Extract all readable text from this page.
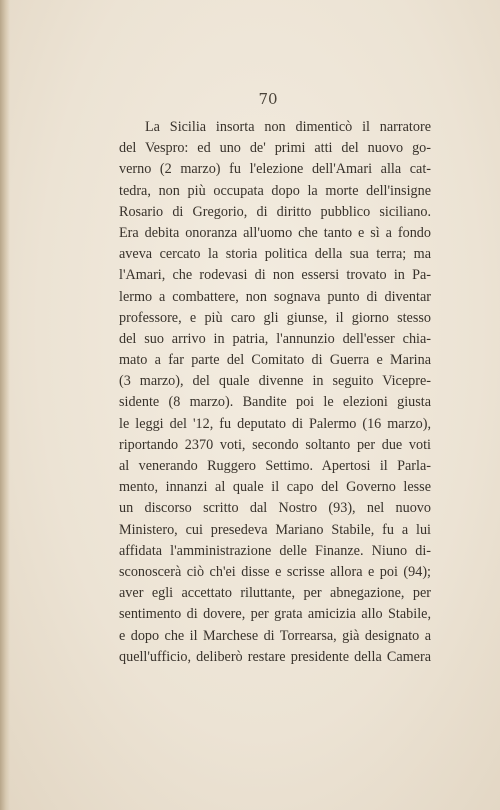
70
La Sicilia insorta non dimenticò il narratore
del Vespro: ed uno de' primi atti del nuovo go-
verno (2 marzo) fu l'elezione dell'Amari alla cat-
tedra, non più occupata dopo la morte dell'insigne
Rosario di Gregorio, di diritto pubblico siciliano.
Era debita onoranza all'uomo che tanto e sì a fondo
aveva cercato la storia politica della sua terra; ma
l'Amari, che rodevasi di non essersi trovato in Pa-
lermo a combattere, non sognava punto di diventar
professore, e più caro gli giunse, il giorno stesso
del suo arrivo in patria, l'annunzio dell'esser chia-
mato a far parte del Comitato di Guerra e Marina
(3 marzo), del quale divenne in seguito Vicepre-
sidente (8 marzo). Bandite poi le elezioni giusta
le leggi del '12, fu deputato di Palermo (16 marzo),
riportando 2370 voti, secondo soltanto per due voti
al venerando Ruggero Settimo. Apertosi il Parla-
mento, innanzi al quale il capo del Governo lesse
un discorso scritto dal Nostro (93), nel nuovo
Ministero, cui presedeva Mariano Stabile, fu a lui
affidata l'amministrazione delle Finanze. Niuno di-
sconoscerà ciò ch'ei disse e scrisse allora e poi (94);
aver egli accettato riluttante, per abnegazione, per
sentimento di dovere, per grata amicizia allo Stabile,
e dopo che il Marchese di Torrearsa, già designato a
quell'ufficio, deliberò restare presidente della Camera
